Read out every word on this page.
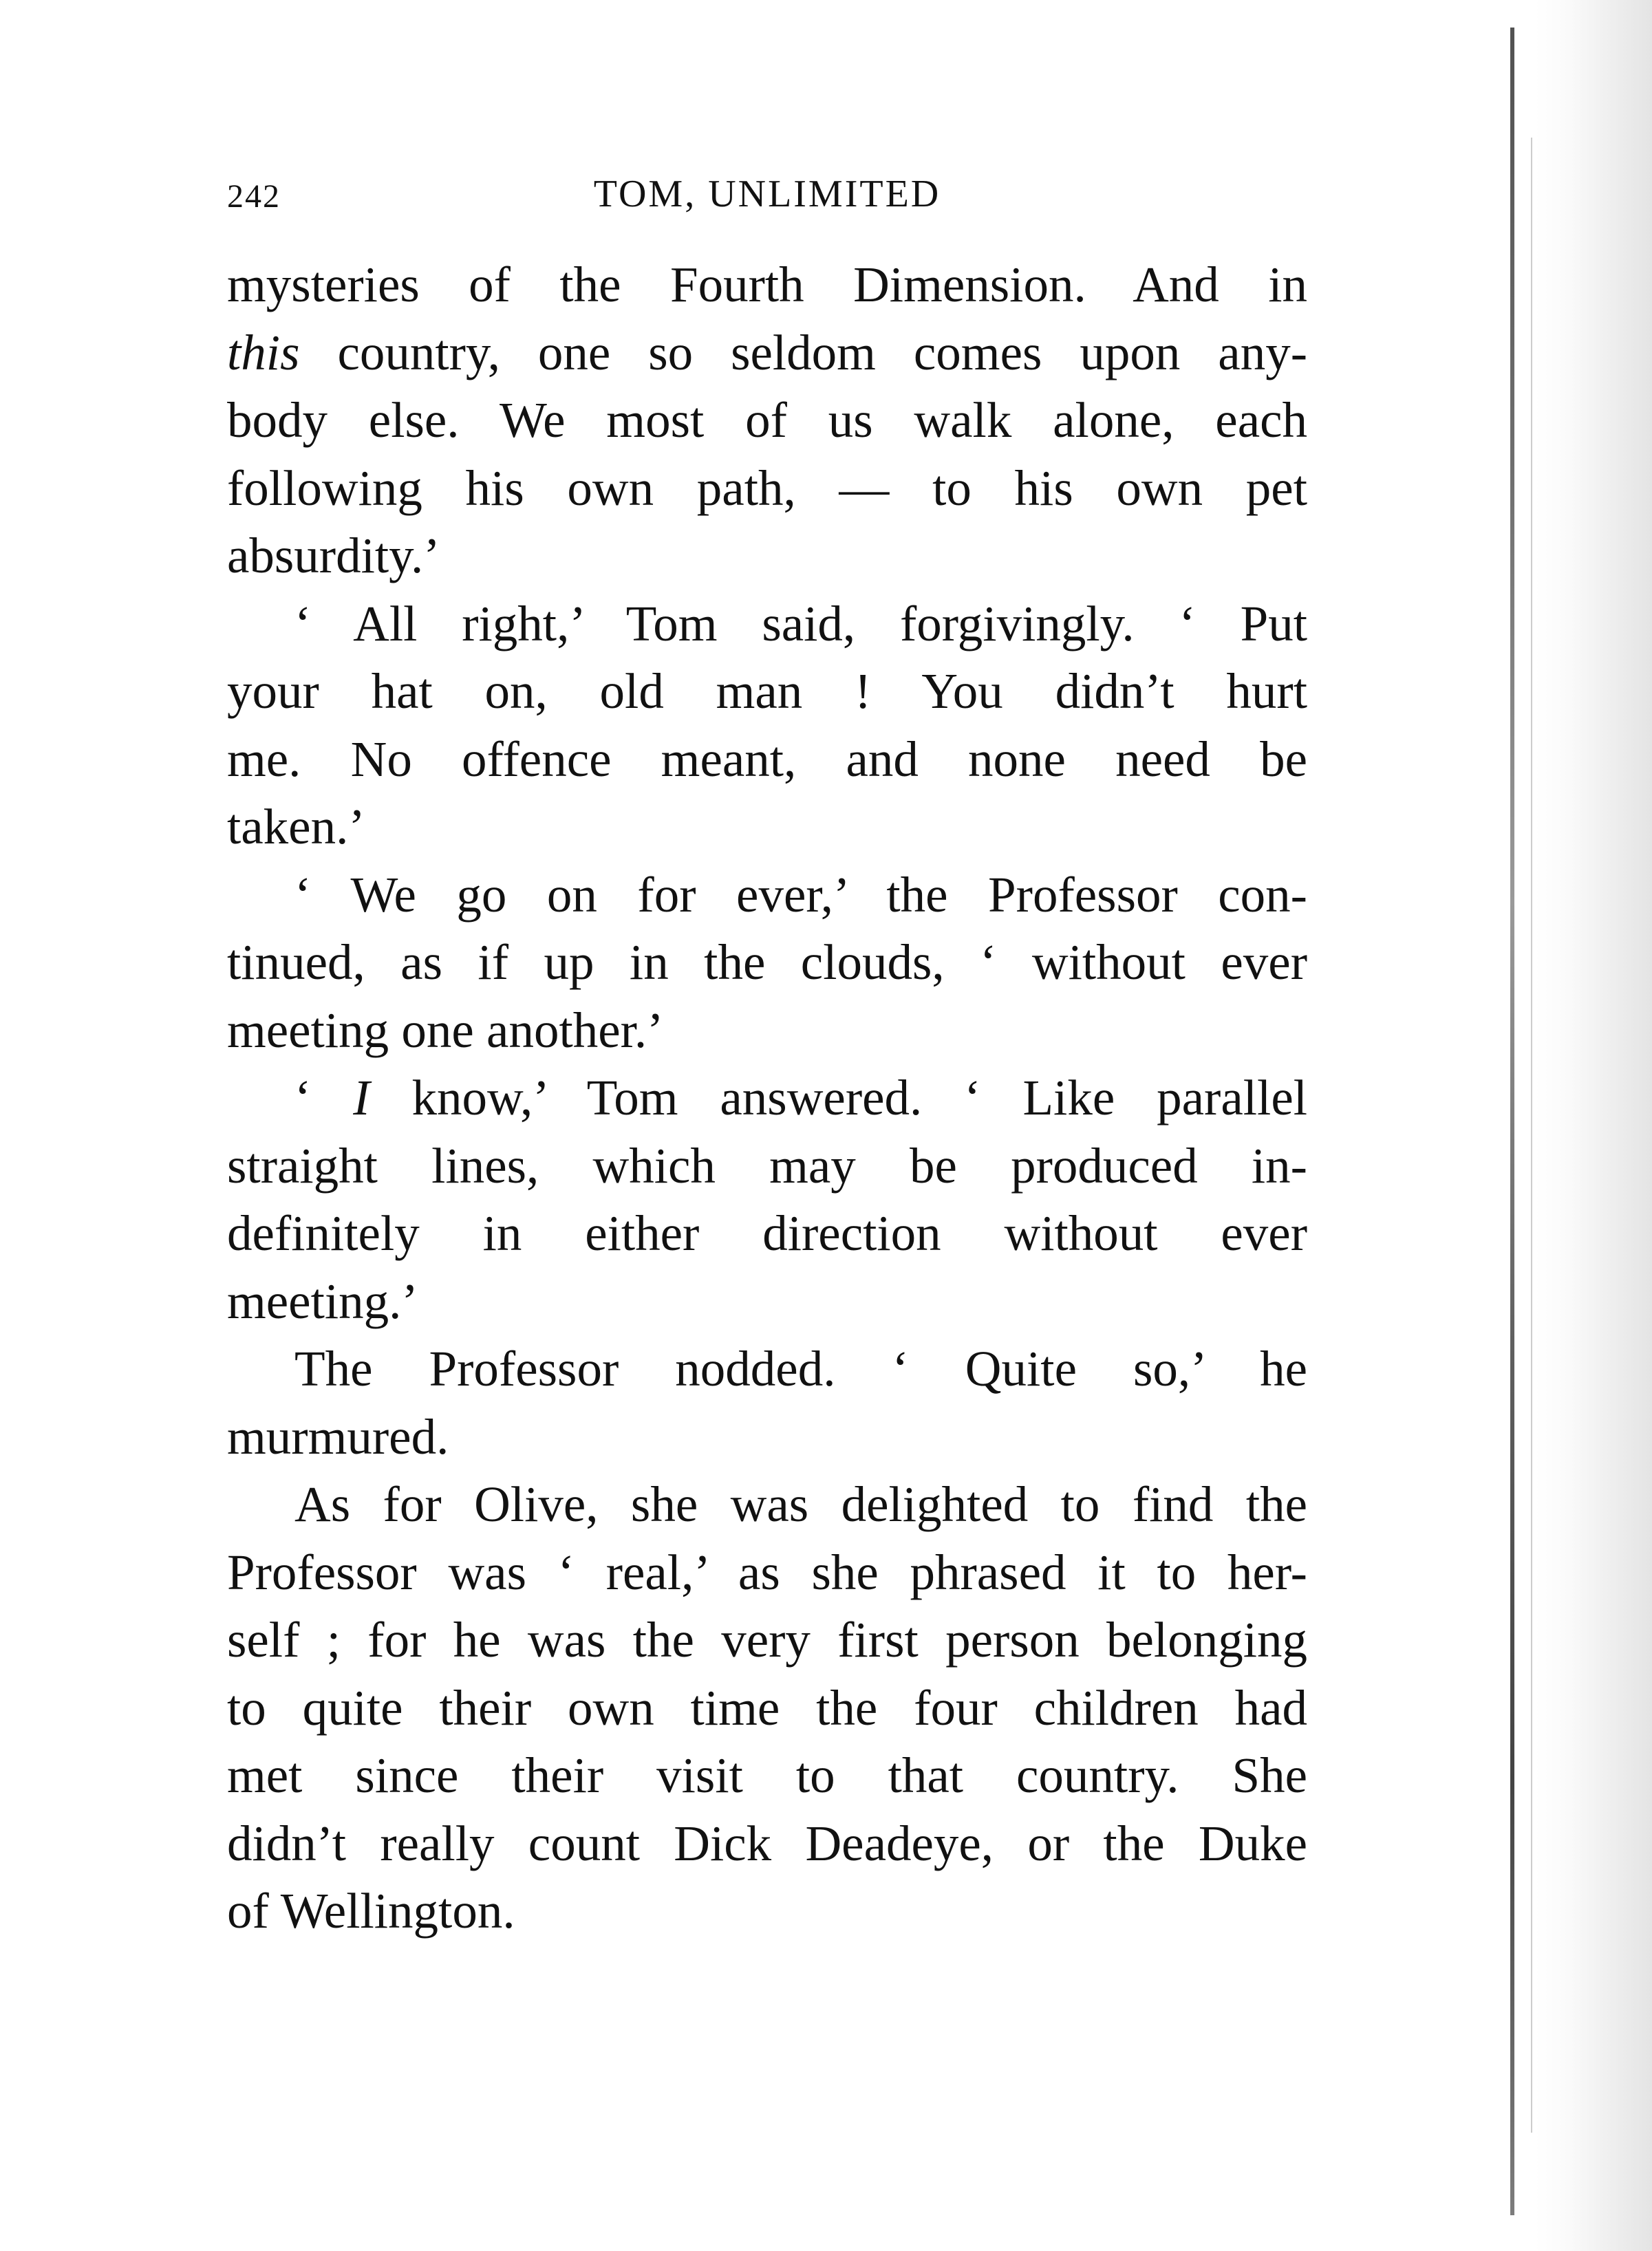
242	TOM, UNLIMITED
mysteries of the Fourth Dimension. And in
this country, one so seldom comes upon any-
body else. We most of us walk alone, each
following his own path, — to his own pet
absurdity.’
‘ All right,’ Tom said, forgivingly. ‘ Put
your hat on, old man ! You didn’t hurt
me. No offence meant, and none need be
taken.’
‘ We go on for ever,’ the Professor con-
tinued, as if up in the clouds, ‘ without ever
meeting one another.’
‘ I know,’ Tom answered. ‘ Like parallel
straight lines, which may be produced in-
definitely in either direction without ever
meeting.’
The Professor nodded. ‘ Quite so,’ he
murmured.
As for Olive, she was delighted to find the
Professor was ‘ real,’ as she phrased it to her-
self ; for he was the very first person belonging
to quite their own time the four children had
met since their visit to that country. She
didn’t really count Dick Deadeye, or the Duke
of Wellington.
